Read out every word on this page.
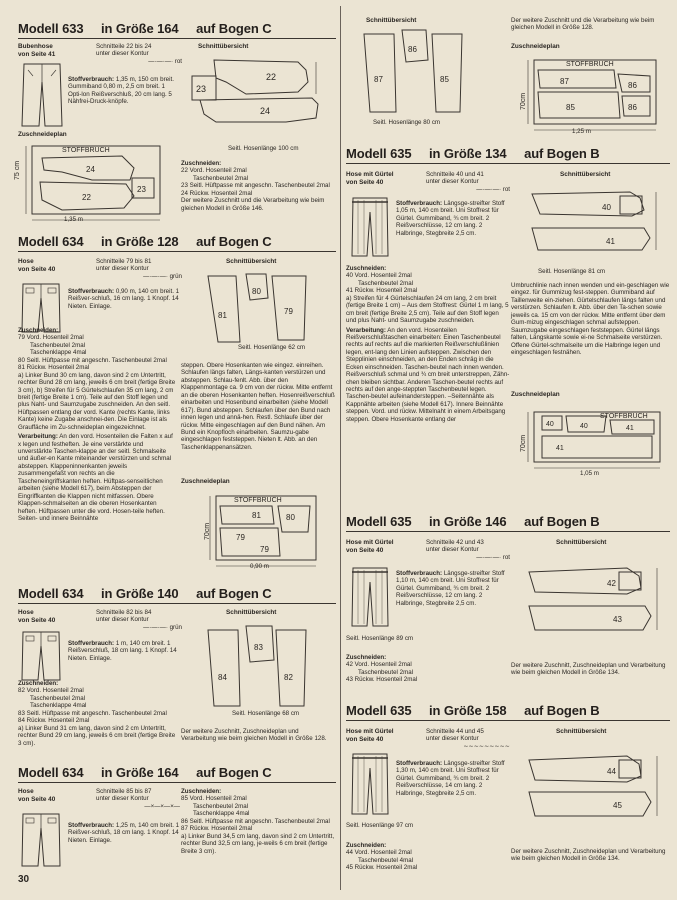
Modell 633 in Größe 164 auf Bogen C
Bubenhose
von Seite 41
Schnitteile 22 bis 24
unter dieser Kontur
—·—·—· rot
Stoffverbrauch: 1,35 m, 150 cm breit. Gummiband 0,80 m, 2,5 cm breit. 1 Opti-lon Reißverschluß, 20 cm lang. 5 Nähfrei-Druck-knöpfe.
Schnittübersicht
22
23
24
Seitl. Hosenlänge 100 cm
Zuschneideplan
STOFFBRUCH
24
22
23
75 cm
1,35 m
Zuschneiden:
22 Vord. Hosenteil 2mal
Taschenbeutel 2mal
23 Seitl. Hüftpasse mit angeschn. Taschenbeutel 2mal
24 Rückw. Hosenteil 2mal
Der weitere Zuschnitt und die Verarbeitung wie beim gleichen Modell in Größe 146.
Modell 634 in Größe 128 auf Bogen C
Hose
von Seite 40
Schnitteile 79 bis 81
unter dieser Kontur
—·—·—· grün
Stoffverbrauch: 0,90 m, 140 cm breit. 1 Reißver-schluß, 16 cm lang. 1 Knopf. 14 Nieten. Einlage.
Schnittübersicht
81
80
79
Seitl. Hosenlänge 62 cm
Zuschneiden:
79 Vord. Hosenteil 2mal
Taschenbeutel 2mal
Taschenklappe 4mal
80 Seitl. Hüftpasse mit angeschn. Taschenbeutel 2mal
81 Rückw. Hosenteil 2mal

a) Linker Bund 30 cm lang, davon sind 2 cm Untertritt, rechter Bund 28 cm lang, jeweils 6 cm breit (fertige Breite 3 cm), b) Streifen für 5 Gürtelschlaufen 35 cm lang, 2 cm breit (fertige Breite 1 cm). Teile auf den Stoff legen und plus Naht- und Saumzugabe zuschneiden. An den seitl. Hüftpassen entlang der vord. Kante (rechts Kante, links Kante) keine Zugabe anschnei-den. Die Einlage ist als Grauffäche im Zu-schneideplan eingezeichnet.

Verarbeitung: An den vord. Hosenteilen die Falten x auf x legen und festheften. Je eine verstärkte und unverstärkte Taschen-klappe an der seitl. Schmalseite und äußer-en Kante miteinander verstürzen und schmal absteppen. Klappeninnenkanten jeweils zusammengefaßt von rechts an die Tascheneingriffskanten heften. Hüftpas-senseitlichen arbeiten (siehe Modell 617), beim Absteppen der Eingriffkanten die Klappen nicht mitfassen. Obere Klappen-schmalseiten an die oberen Hosenkanten heften. Hüftpassen unter die vord. Hosen-teile heften. Seiten- und innere Beinnähte

steppen. Obere Hosenkanten wie eingez. einreihen. Schlaufen längs falten, Längs-kanten verstürzen und absteppen. Schlau-fenlt. Abb. über den Klappenmontage ca. 9 cm von der rückw. Mitte entfernt an die oberen Hosenkanten heften. Hosenreißverschluß einarbeiten und Hosenbund einarbeiten (siehe Modell 617). Bund absteppen. Schlaufen über den Bund nach innen legen und annä-hen. Restl. Schlaufe über der rückw. Mitte eingeschlagen auf den Bund nähen. Am Bund ein Knopfloch einarbeiten. Saumzu-gabe eingeschlagen feststeppen. Nieten lt. Abb. an den Taschenklappenansätzen.
Zuschneideplan
STOFFBRUCH
81	80
79
79
70cm
0,90 m
Modell 634 in Größe 140 auf Bogen C
Hose
von Seite 40
Schnitteile 82 bis 84
unter dieser Kontur
—·—·—· grün
Stoffverbrauch: 1 m, 140 cm breit. 1 Reißverschluß, 18 cm lang. 1 Knopf. 14 Nieten. Einlage.
Zuschneiden:
82 Vord. Hosenteil 2mal
Taschenbeutel 2mal
Taschenklappe 4mal
83 Seitl. Hüftpasse mit angeschn. Taschenbeutel 2mal
84 Rückw. Hosenteil 2mal

a) Linker Bund 31 cm lang, davon sind 2 cm Untertritt, rechter Bund 29 cm lang, jeweils 6 cm breit (fertige Breite 3 cm).

Schnittübersicht
84
83
82
Seitl. Hosenlänge 68 cm
Der weitere Zuschnitt, Zuschneideplan und Verarbeitung wie beim gleichen Modell in Größe 128.
Modell 634 in Größe 164 auf Bogen C
Hose
von Seite 40
Schnitteile 85 bis 87
unter dieser Kontur
—×—×—×—
Stoffverbrauch: 1,25 m, 140 cm breit. 1 Reißver-schluß, 18 cm lang. 1 Knopf. 14 Nieten. Einlage.
Zuschneiden:
85 Vord. Hosenteil 2mal
Taschenbeutel 2mal
Taschenklappe 4mal
86 Seitl. Hüftpasse mit angeschn. Taschenbeutel 2mal
87 Rückw. Hosenteil 2mal

a) Linker Bund 34,5 cm lang, davon sind 2 cm Untertritt, rechter Bund 32,5 cm lang, je-weils 6 cm breit (fertige Breite 3 cm).

30
Schnittübersicht
87
86
85
Seitl. Hosenlänge 80 cm
Der weitere Zuschnitt und die Verarbeitung wie beim gleichen Modell in Größe 128.
Zuschneideplan
STOFFBRUCH
87	86
85	86
70cm
1,25 m
Modell 635 in Größe 134 auf Bogen B
Hose mit Gürtel
von Seite 40
Schnitteile 40 und 41
unter dieser Kontur
—·—·—· rot
Stoffverbrauch: Längsge-streifter Stoff 1,05 m, 140 cm breit. Uni Stoffrest für Gürtel. Gummiband, ¾ cm breit. 2 Reißverschlüsse, 12 cm lang. 2 Halbringe, Stegbreite 2,5 cm.
Zuschneiden:
40 Vord. Hosenteil 2mal
Taschenbeutel 2mal
41 Rückw. Hosenteil 2mal

a) Streifen für 4 Gürtelschlaufen 24 cm lang, 2 cm breit (fertige Breite 1 cm) – Aus dem Stoffrest: Gürtel 1 m lang, 5 cm breit (fertige Breite 2,5 cm). Teile auf den Stoff legen und plus Naht- und Saumzugabe zuschneiden.

Verarbeitung: An den vord. Hosenteilen Reißverschlußtaschen einarbeiten: Einen Taschenbeutel rechts auf rechts auf die markierten Reißverschlußlinien legen, ent-lang den Linien aufsteppen. Zwischen den Stepplinien einschneiden, an den Enden schräg in die Ecken einschneiden. Taschen-beutel nach innen wenden. Reißverschluß schmal und ¾ cm breit unterstreppen, Zähn-chen bleiben sichtbar. Anderen Taschen-beutel rechts auf rechts auf den ange-steppten Taschenbeutel legen. Taschen-beutel aufeinandersteppen. –Seitennähte als Kappnähte arbeiten (siehe Modell 617). Innere Beinnähte steppen. Vord. und rückw. Mittelnaht in einem Arbeitsgang steppen. Obere Hosenkante entlang der

Schnittübersicht
40
41
Seitl. Hosenlänge 81 cm
Umbruchlinie nach innen wenden und ein-geschlagen wie eingez. für Gummizug fest-steppen. Gummiband auf Taillenweite ein-ziehen. Gürtelschlaufen längs falten und verstürzen. Schlaufen lt. Abb. über den Ta-schen sowie jeweils ca. 15 cm von der rückw. Mitte entfernt über dem Gum-mizug eingeschlagen schmal aufsteppen. Saumzugabe eingeschlagen feststeppen. Gürtel längs falten, Längskante sowie ei-ne Schmalseite verstürzen. Offene Gürtel-schmalseite um die Halbringe legen und eingeschlagen festnähen.
Zuschneideplan
STOFFBRUCH
40	40	41
41
70cm
1,05 m
Modell 635 in Größe 146 auf Bogen B
Hose mit Gürtel
von Seite 40
Schnitteile 42 und 43
unter dieser Kontur
—·—·—· rot
Stoffverbrauch: Längsge-streifter Stoff 1,10 m, 140 cm breit. Uni Stoffrest für Gürtel. Gummiband, ¾ cm breit. 2 Reißverschlüsse, 12 cm lang. 2 Halbringe, Stegbreite 2,5 cm.
Seitl. Hosenlänge 89 cm
Zuschneiden:
42 Vord. Hosenteil 2mal
Taschenbeutel 2mal
43 Rückw. Hosenteil 2mal
Schnittübersicht
42
43
Der weitere Zuschnitt, Zuschneideplan und Verarbeitung wie beim gleichen Modell in Größe 134.
Modell 635 in Größe 158 auf Bogen B
Hose mit Gürtel
von Seite 40
Schnitteile 44 und 45
unter dieser Kontur
∼∼∼∼∼∼∼∼∼
Stoffverbrauch: Längsge-streifter Stoff 1,30 m, 140 cm breit. Uni Stoffrest für Gürtel. Gummiband, ¾ cm breit. 2 Reißverschlüsse, 14 cm lang. 2 Halbringe, Stegbreite 2,5 cm.
Seitl. Hosenlänge 97 cm
Zuschneiden:
44 Vord. Hosenteil 2mal
Taschenbeutel 4mal
45 Rückw. Hosenteil 2mal
Schnittübersicht
44
45
Der weitere Zuschnitt, Zuschneideplan und Verarbeitung wie beim gleichen Modell in Größe 134.
